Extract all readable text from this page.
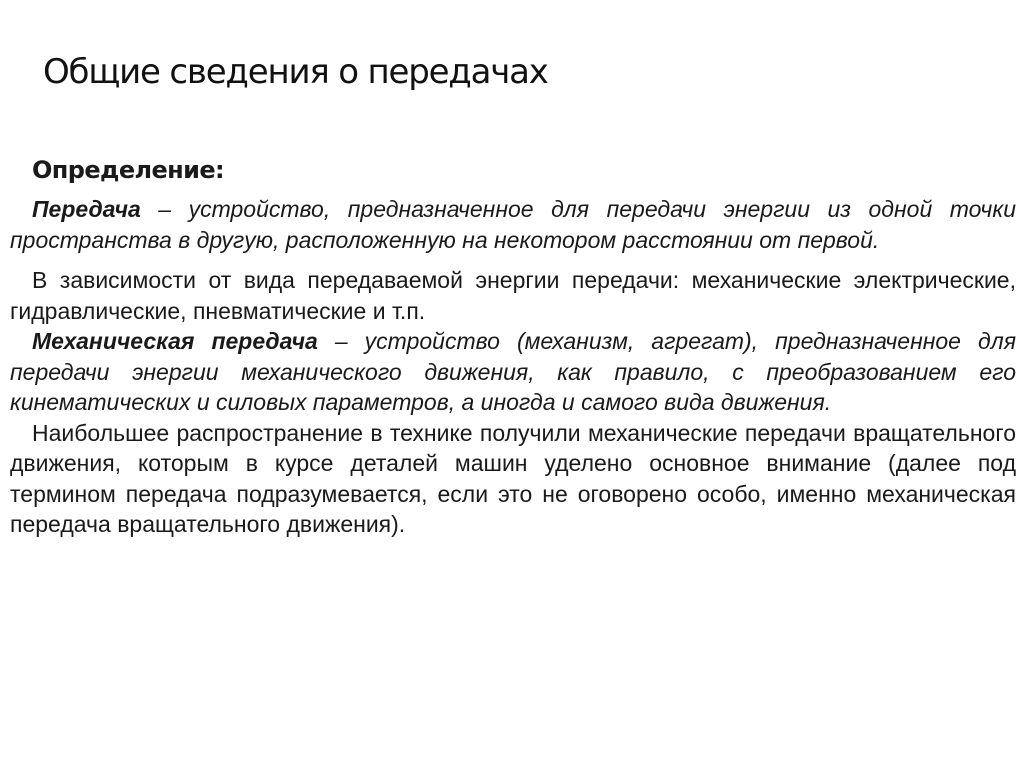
Общие сведения о передачах
Определение:

Передача – устройство, предназначенное для передачи энергии из одной точки пространства в другую, расположенную на некотором расстоянии от первой.

В зависимости от вида передаваемой энергии передачи: механические электрические, гидравлические, пневматические и т.п.

Механическая передача – устройство (механизм, агрегат), предназначенное для передачи энергии механического движения, как правило, с преобразованием его кинематических и силовых параметров, а иногда и самого вида движения.

Наибольшее распространение в технике получили механические передачи вращательного движения, которым в курсе деталей машин уделено основное внимание (далее под термином передача подразумевается, если это не оговорено особо, именно механическая передача вращательного движения).
